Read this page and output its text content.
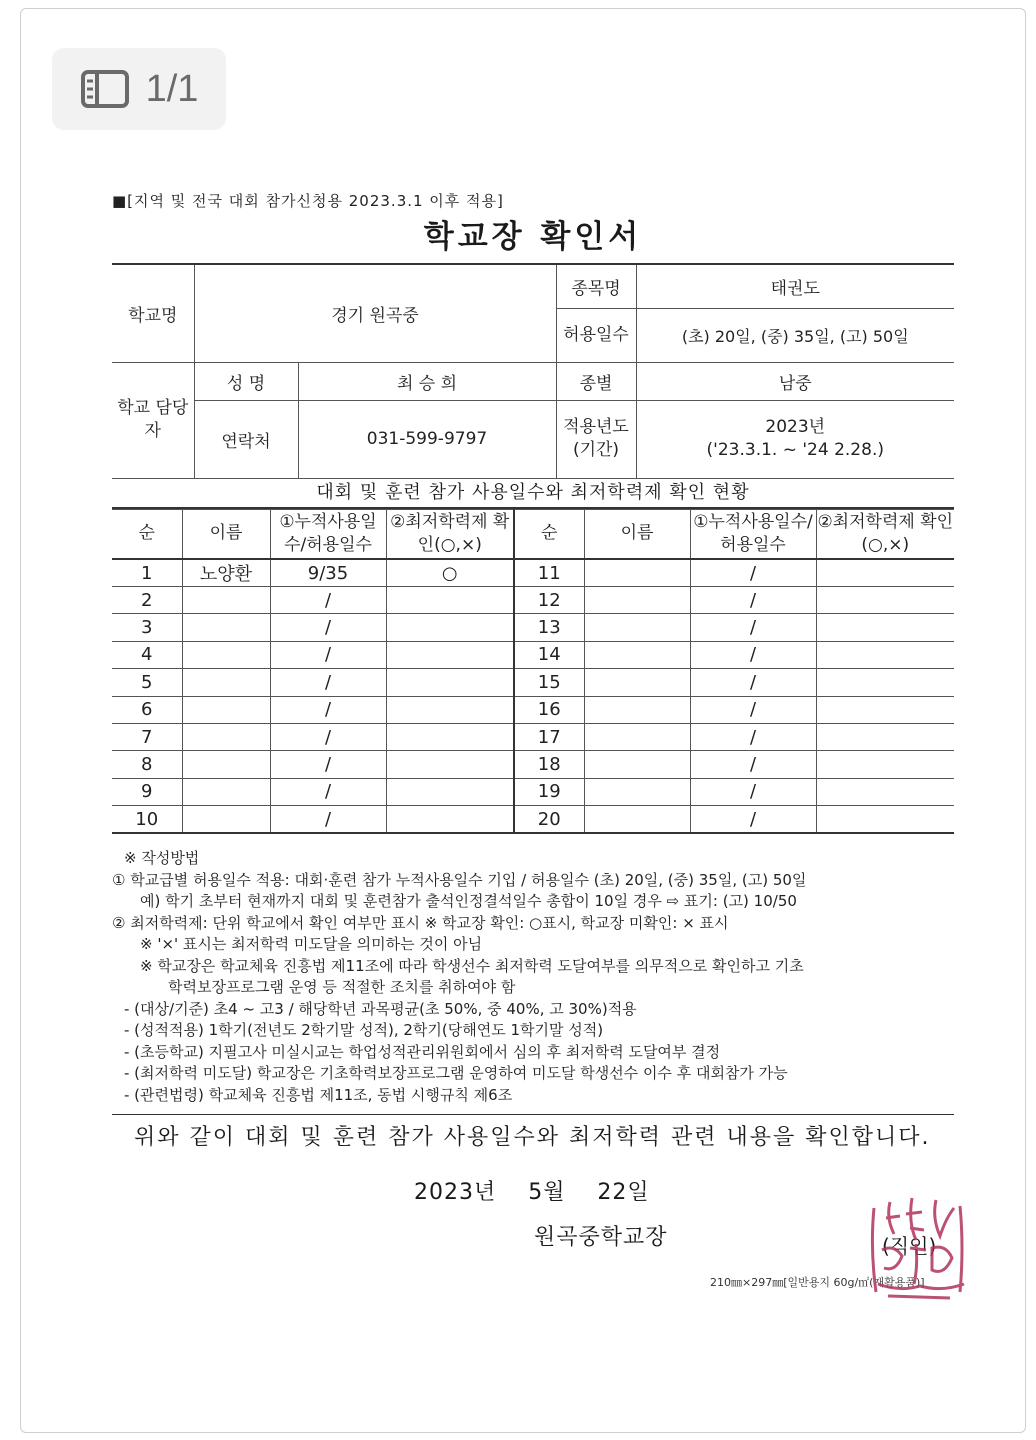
1/1
■[지역 및 전국 대회 참가신청용 2023.3.1 이후 적용]
학교장 확인서
학교명	경기 원곡중		종목명	태권도
			허용일수	(초) 20일, (중) 35일, (고) 50일
학교 담당자	성 명	최 승 희	종별	남중
	연락처	031-599-9797	적용년도 (기간)	2023년
('23.3.1. ~ '24 2.28.)
대회 및 훈련 참가 사용일수와 최저학력제 확인 현황
순	이름	①누적사용일수/허용일수	②최저학력제 확인(○,×)	순	이름	①누적사용일수/허용일수	②최저학력제 확인(○,×)
1	노양환	9/35	○	11		/	
2		/		12		/	
3		/		13		/	
4		/		14		/	
5		/		15		/	
6		/		16		/	
7		/		17		/	
8		/		18		/	
9		/		19		/	
10		/		20		/	
※ 작성방법
① 학교급별 허용일수 적용: 대회·훈련 참가 누적사용일수 기입 / 허용일수 (초) 20일, (중) 35일, (고) 50일
예) 학기 초부터 현재까지 대회 및 훈련참가 출석인정결석일수 총합이 10일 경우 ⇨ 표기: (고) 10/50
② 최저학력제: 단위 학교에서 확인 여부만 표시 ※ 학교장 확인: ○표시, 학교장 미확인: × 표시
※ '×' 표시는 최저학력 미도달을 의미하는 것이 아님
※ 학교장은 학교체육 진흥법 제11조에 따라 학생선수 최저학력 도달여부를 의무적으로 확인하고 기초
학력보장프로그램 운영 등 적절한 조치를 취하여야 함
- (대상/기준) 초4 ~ 고3 / 해당학년 과목평균(초 50%, 중 40%, 고 30%)적용
- (성적적용) 1학기(전년도 2학기말 성적), 2학기(당해연도 1학기말 성적)
- (초등학교) 지필고사 미실시교는 학업성적관리위원회에서 심의 후 최저학력 도달여부 결정
- (최저학력 미도달) 학교장은 기초학력보장프로그램 운영하여 미도달 학생선수 이수 후 대회참가 가능
- (관련법령) 학교체육 진흥법 제11조, 동법 시행규칙 제6조
위와 같이 대회 및 훈련 참가 사용일수와 최저학력 관련 내용을 확인합니다.
2023년    5월    22일
원곡중학교장	(직인)
210㎜×297㎜[일반용지 60g/㎡(재활용품)]
